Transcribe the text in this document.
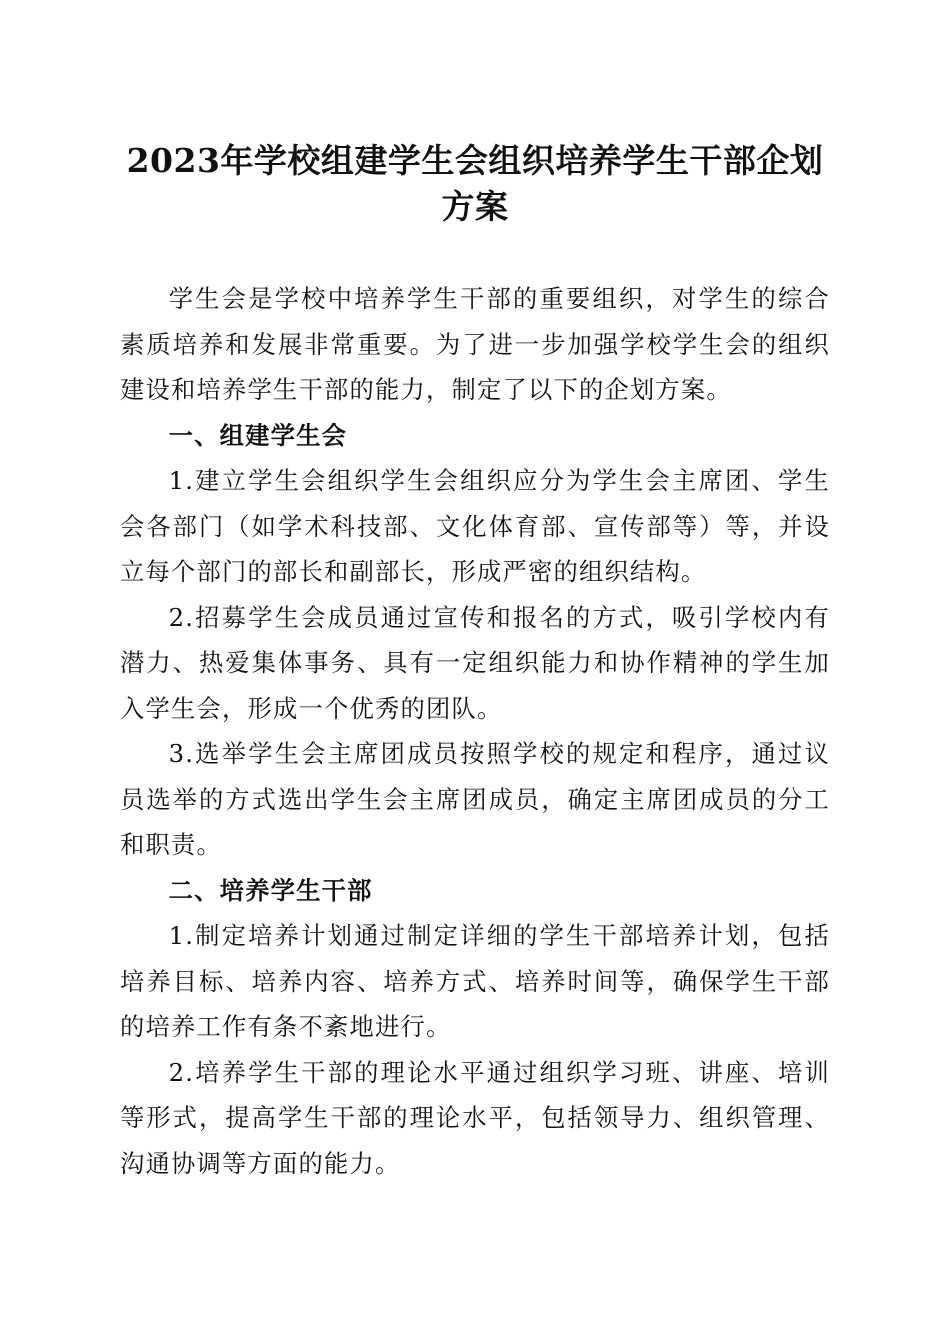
2023年学校组建学生会组织培养学生干部企划方案

学生会是学校中培养学生干部的重要组织，对学生的综合素质培养和发展非常重要。为了进一步加强学校学生会的组织建设和培养学生干部的能力，制定了以下的企划方案。

一、组建学生会

1.建立学生会组织学生会组织应分为学生会主席团、学生会各部门（如学术科技部、文化体育部、宣传部等）等，并设立每个部门的部长和副部长，形成严密的组织结构。

2.招募学生会成员通过宣传和报名的方式，吸引学校内有潜力、热爱集体事务、具有一定组织能力和协作精神的学生加入学生会，形成一个优秀的团队。

3.选举学生会主席团成员按照学校的规定和程序，通过议员选举的方式选出学生会主席团成员，确定主席团成员的分工和职责。

二、培养学生干部

1.制定培养计划通过制定详细的学生干部培养计划，包括培养目标、培养内容、培养方式、培养时间等，确保学生干部的培养工作有条不紊地进行。

2.培养学生干部的理论水平通过组织学习班、讲座、培训等形式，提高学生干部的理论水平，包括领导力、组织管理、沟通协调等方面的能力。
